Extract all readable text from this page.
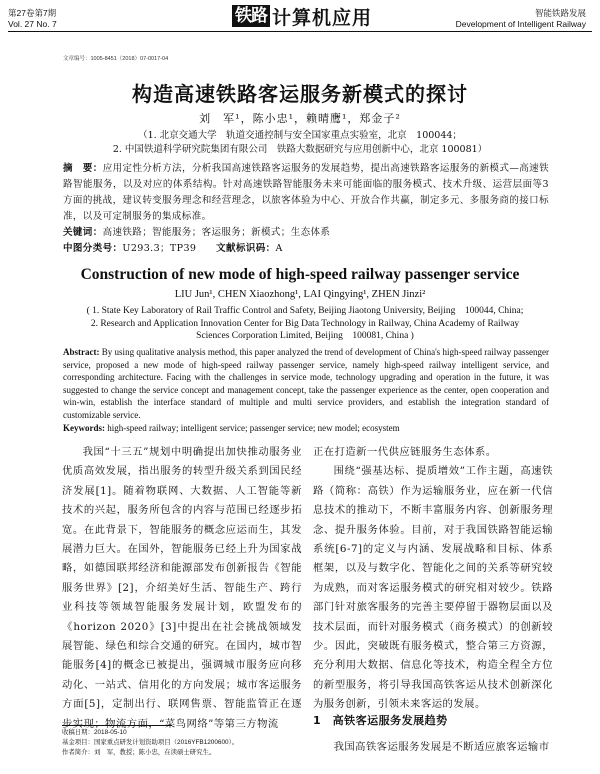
第27卷第7期
Vol. 27 No. 7	铁路 计算机应用	智能铁路发展
Development of Intelligent Railway
文章编号：1005-8451（2018）07-0017-04
构造高速铁路客运服务新模式的探讨
刘　军¹，陈小忠¹，赖晴鹰¹，郑金子²
（1. 北京交通大学　轨道交通控制与安全国家重点实验室，北京　100044；
2. 中国铁道科学研究院集团有限公司　铁路大数据研究与应用创新中心，北京 100081）
摘　要：应用定性分析方法，分析我国高速铁路客运服务的发展趋势，提出高速铁路客运服务的新模式—高速铁路智能服务，以及对应的体系结构。针对高速铁路智能服务未来可能面临的服务模式、技术升级、运营层面等3方面的挑战，建议转变服务理念和经营理念，以旅客体验为中心、开放合作共赢，制定多元、多服务商的接口标准，以及可定制服务的集成标准。
关键词：高速铁路；智能服务；客运服务；新模式；生态体系
中图分类号：U293.3；TP39　　 文献标识码：A
Construction of new mode of high-speed railway passenger service
LIU Jun¹, CHEN Xiaozhong¹, LAI Qingying¹, ZHEN Jinzi²
( 1. State Key Laboratory of Rail Traffic Control and Safety, Beijing Jiaotong University, Beijing　100044, China;
2. Research and Application Innovation Center for Big Data Technology in Railway, China Academy of Railway Sciences Corporation Limited, Beijing　100081, China )
Abstract: By using qualitative analysis method, this paper analyzed the trend of development of China's high-speed railway passenger service, proposed a new mode of high-speed railway passenger service, namely high-speed railway intelligent service, and corresponding architecture. Facing with the challenges in service mode, technology upgrading and operation in the future, it was suggested to change the service concept and management concept, take the passenger experience as the center, open cooperation and win-win, establish the interface standard of multiple and multi service providers, and establish the integration standard of customizable service.
Keywords: high-speed railway; intelligent service; passenger service; new model; ecosystem

我国“十三五”规划中明确提出加快推动服务业优质高效发展，指出服务的转型升级关系到国民经济发展[1]。随着物联网、大数据、人工智能等新技术的兴起，服务所包含的内容与范围已经逐步拓宽。在此背景下，智能服务的概念应运而生，其发展潜力巨大。在国外，智能服务已经上升为国家战略，如德国联邦经济和能源部发布创新报告《智能服务世界》[2]，介绍美好生活、智能生产、跨行业科技等领域智能服务发展计划，欧盟发布的《horizon 2020》[3]中提出在社会挑战领域发展智能、绿色和综合交通的研究。在国内，城市智能服务[4]的概念已被提出，强调城市服务应向移动化、一站式、信用化的方向发展；城市客运服务方面[5]，定制出行、联网售票、智能监管正在逐步实现；物流方面，“菜鸟网络”等第三方物流

正在打造新一代供应链服务生态体系。

围绕“强基达标、提质增效”工作主题，高速铁路（简称：高铁）作为运输服务业，应在新一代信息技术的推动下，不断丰富服务内容、创新服务理念、提升服务体验。目前，对于我国铁路智能运输系统[6-7]的定义与内涵、发展战略和目标、体系框架，以及与数字化、智能化之间的关系等研究较为成熟，而对客运服务模式的研究相对较少。铁路部门针对旅客服务的完善主要停留于器物层面以及技术层面，而针对服务模式（商务模式）的创新较少。因此，突破既有服务模式，整合第三方资源，充分利用大数据、信息化等技术，构造全程全方位的新型服务，将引导我国高铁客运从技术创新深化为服务创新，引领未来客运的发展。

1　高铁客运服务发展趋势
我国高铁客运服务发展是不断适应旅客运输市
收稿日期：2018-05-10
基金项目：国家重点研发计划资助项目（2016YFB1200600）。
作者简介：刘　军，教授；陈小忠，在读硕士研究生。
